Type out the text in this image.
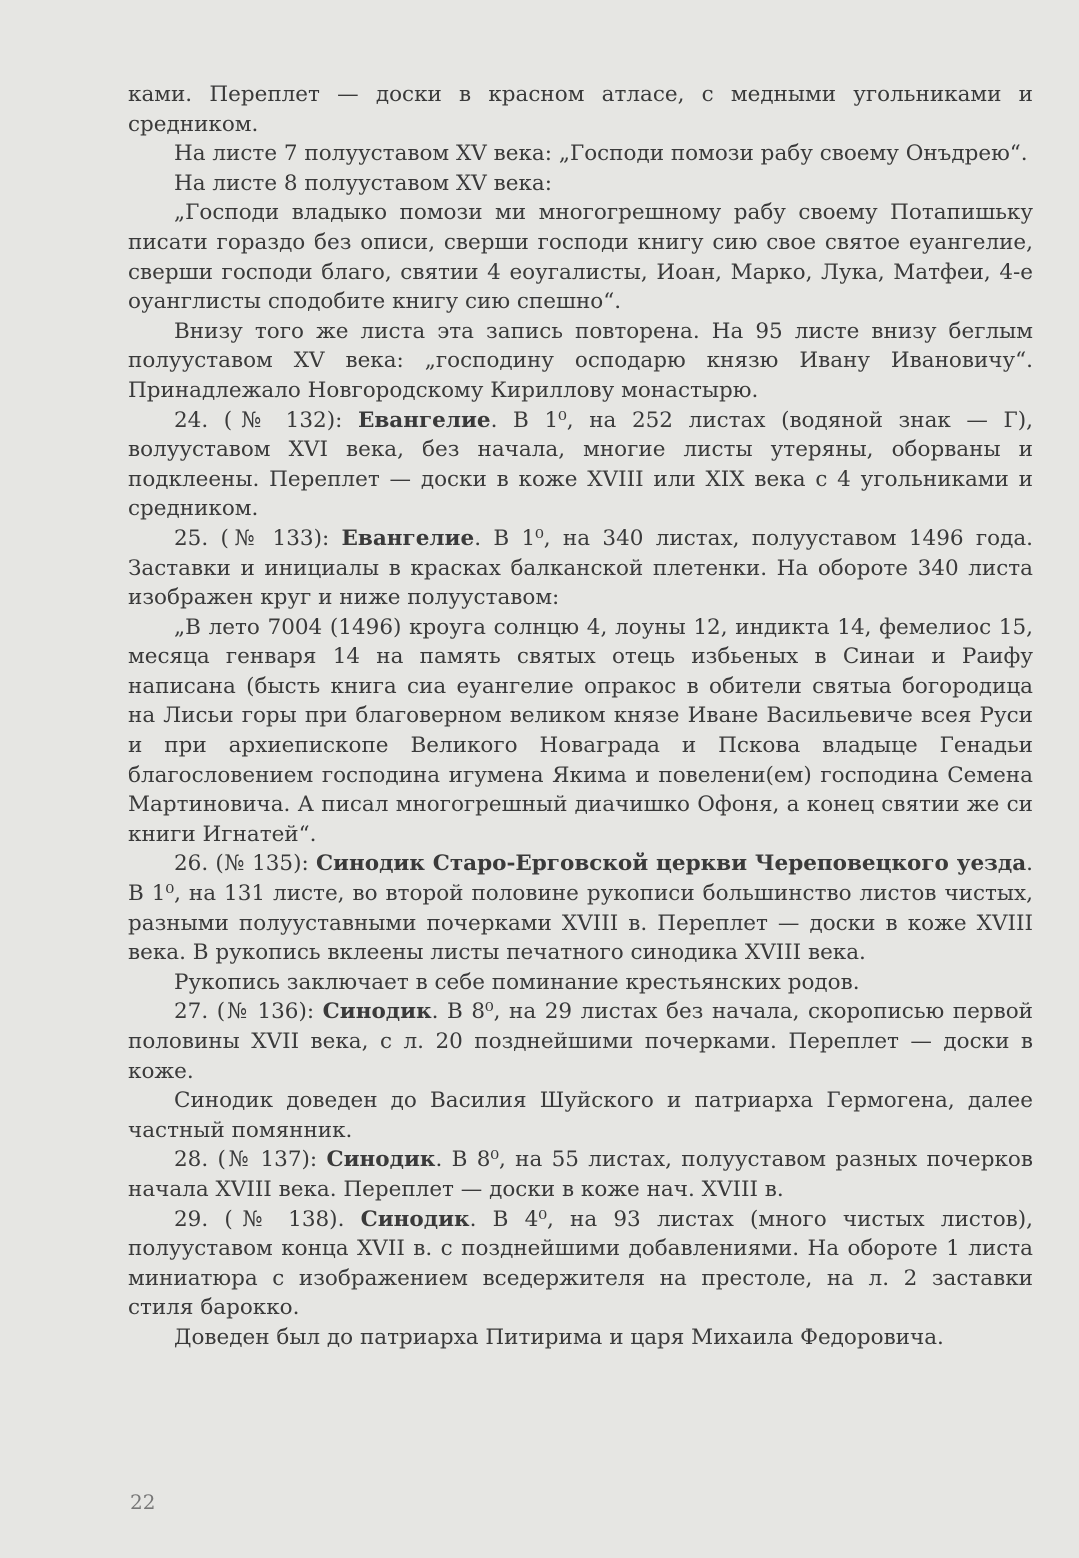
ками. Переплет — доски в красном атласе, с медными угольниками и средником.

На листе 7 полууставом XV века: „Господи помози рабу своему Онъдрею“.

На листе 8 полууставом XV века:

„Господи владыко помози ми многогрешному рабу своему Потапишьку писати гораздо без описи, сверши господи книгу сию свое святое еуангелие, сверши господи благо, святии 4 еоугалисты, Иоан, Марко, Лука, Матфеи, 4-е оуанглисты сподобите книгу сию спешно“.

Внизу того же листа эта запись повторена. На 95 листе внизу беглым полууставом XV века: „господину осподарю князю Ивану Ивановичу“. Принадлежало Новгородскому Кириллову монастырю.

24. (№ 132): Евангелие. В 1⁰, на 252 листах (водяной знак — Г), волууставом XVI века, без начала, многие листы утеряны, оборваны и подклеены. Переплет — доски в коже XVIII или XIX века с 4 угольниками и средником.

25. (№ 133): Евангелие. В 1⁰, на 340 листах, полууставом 1496 года. Заставки и инициалы в красках балканской плетенки. На обороте 340 листа изображен круг и ниже полууставом:

„В лето 7004 (1496) кроуга солнцю 4, лоуны 12, индикта 14, фемелиос 15, месяца генваря 14 на память святых отець избьеных в Синаи и Раифу написана (бысть книга сиа еуангелие опракос в обители святыа богородица на Лисьи горы при благоверном великом князе Иване Васильевиче всея Руси и при архиепископе Великого Новаграда и Пскова владыце Генадьи благословением господина игумена Якима и повелени(ем) господина Семена Мартиновича. А писал многогрешный диачишко Офоня, а конец святии же си книги Игнатей“.

26. (№ 135): Синодик Старо-Ерговской церкви Череповецкого уезда. В 1⁰, на 131 листе, во второй половине рукописи большинство листов чистых, разными полууставными почерками XVIII в. Переплет — доски в коже XVIII века. В рукопись вклеены листы печатного синодика XVIII века.

Рукопись заключает в себе поминание крестьянских родов.

27. (№ 136): Синодик. В 8⁰, на 29 листах без начала, скорописью первой половины XVII века, с л. 20 позднейшими почерками. Переплет — доски в коже.

Синодик доведен до Василия Шуйского и патриарха Гермогена, далее частный помянник.

28. (№ 137): Синодик. В 8⁰, на 55 листах, полууставом разных почерков начала XVIII века. Переплет — доски в коже нач. XVIII в.

29. (№ 138). Синодик. В 4⁰, на 93 листах (много чистых листов), полууставом конца XVII в. с позднейшими добавлениями. На обороте 1 листа миниатюра с изображением вседержителя на престоле, на л. 2 заставки стиля барокко.

Доведен был до патриарха Питирима и царя Михаила Федоровича.

22
